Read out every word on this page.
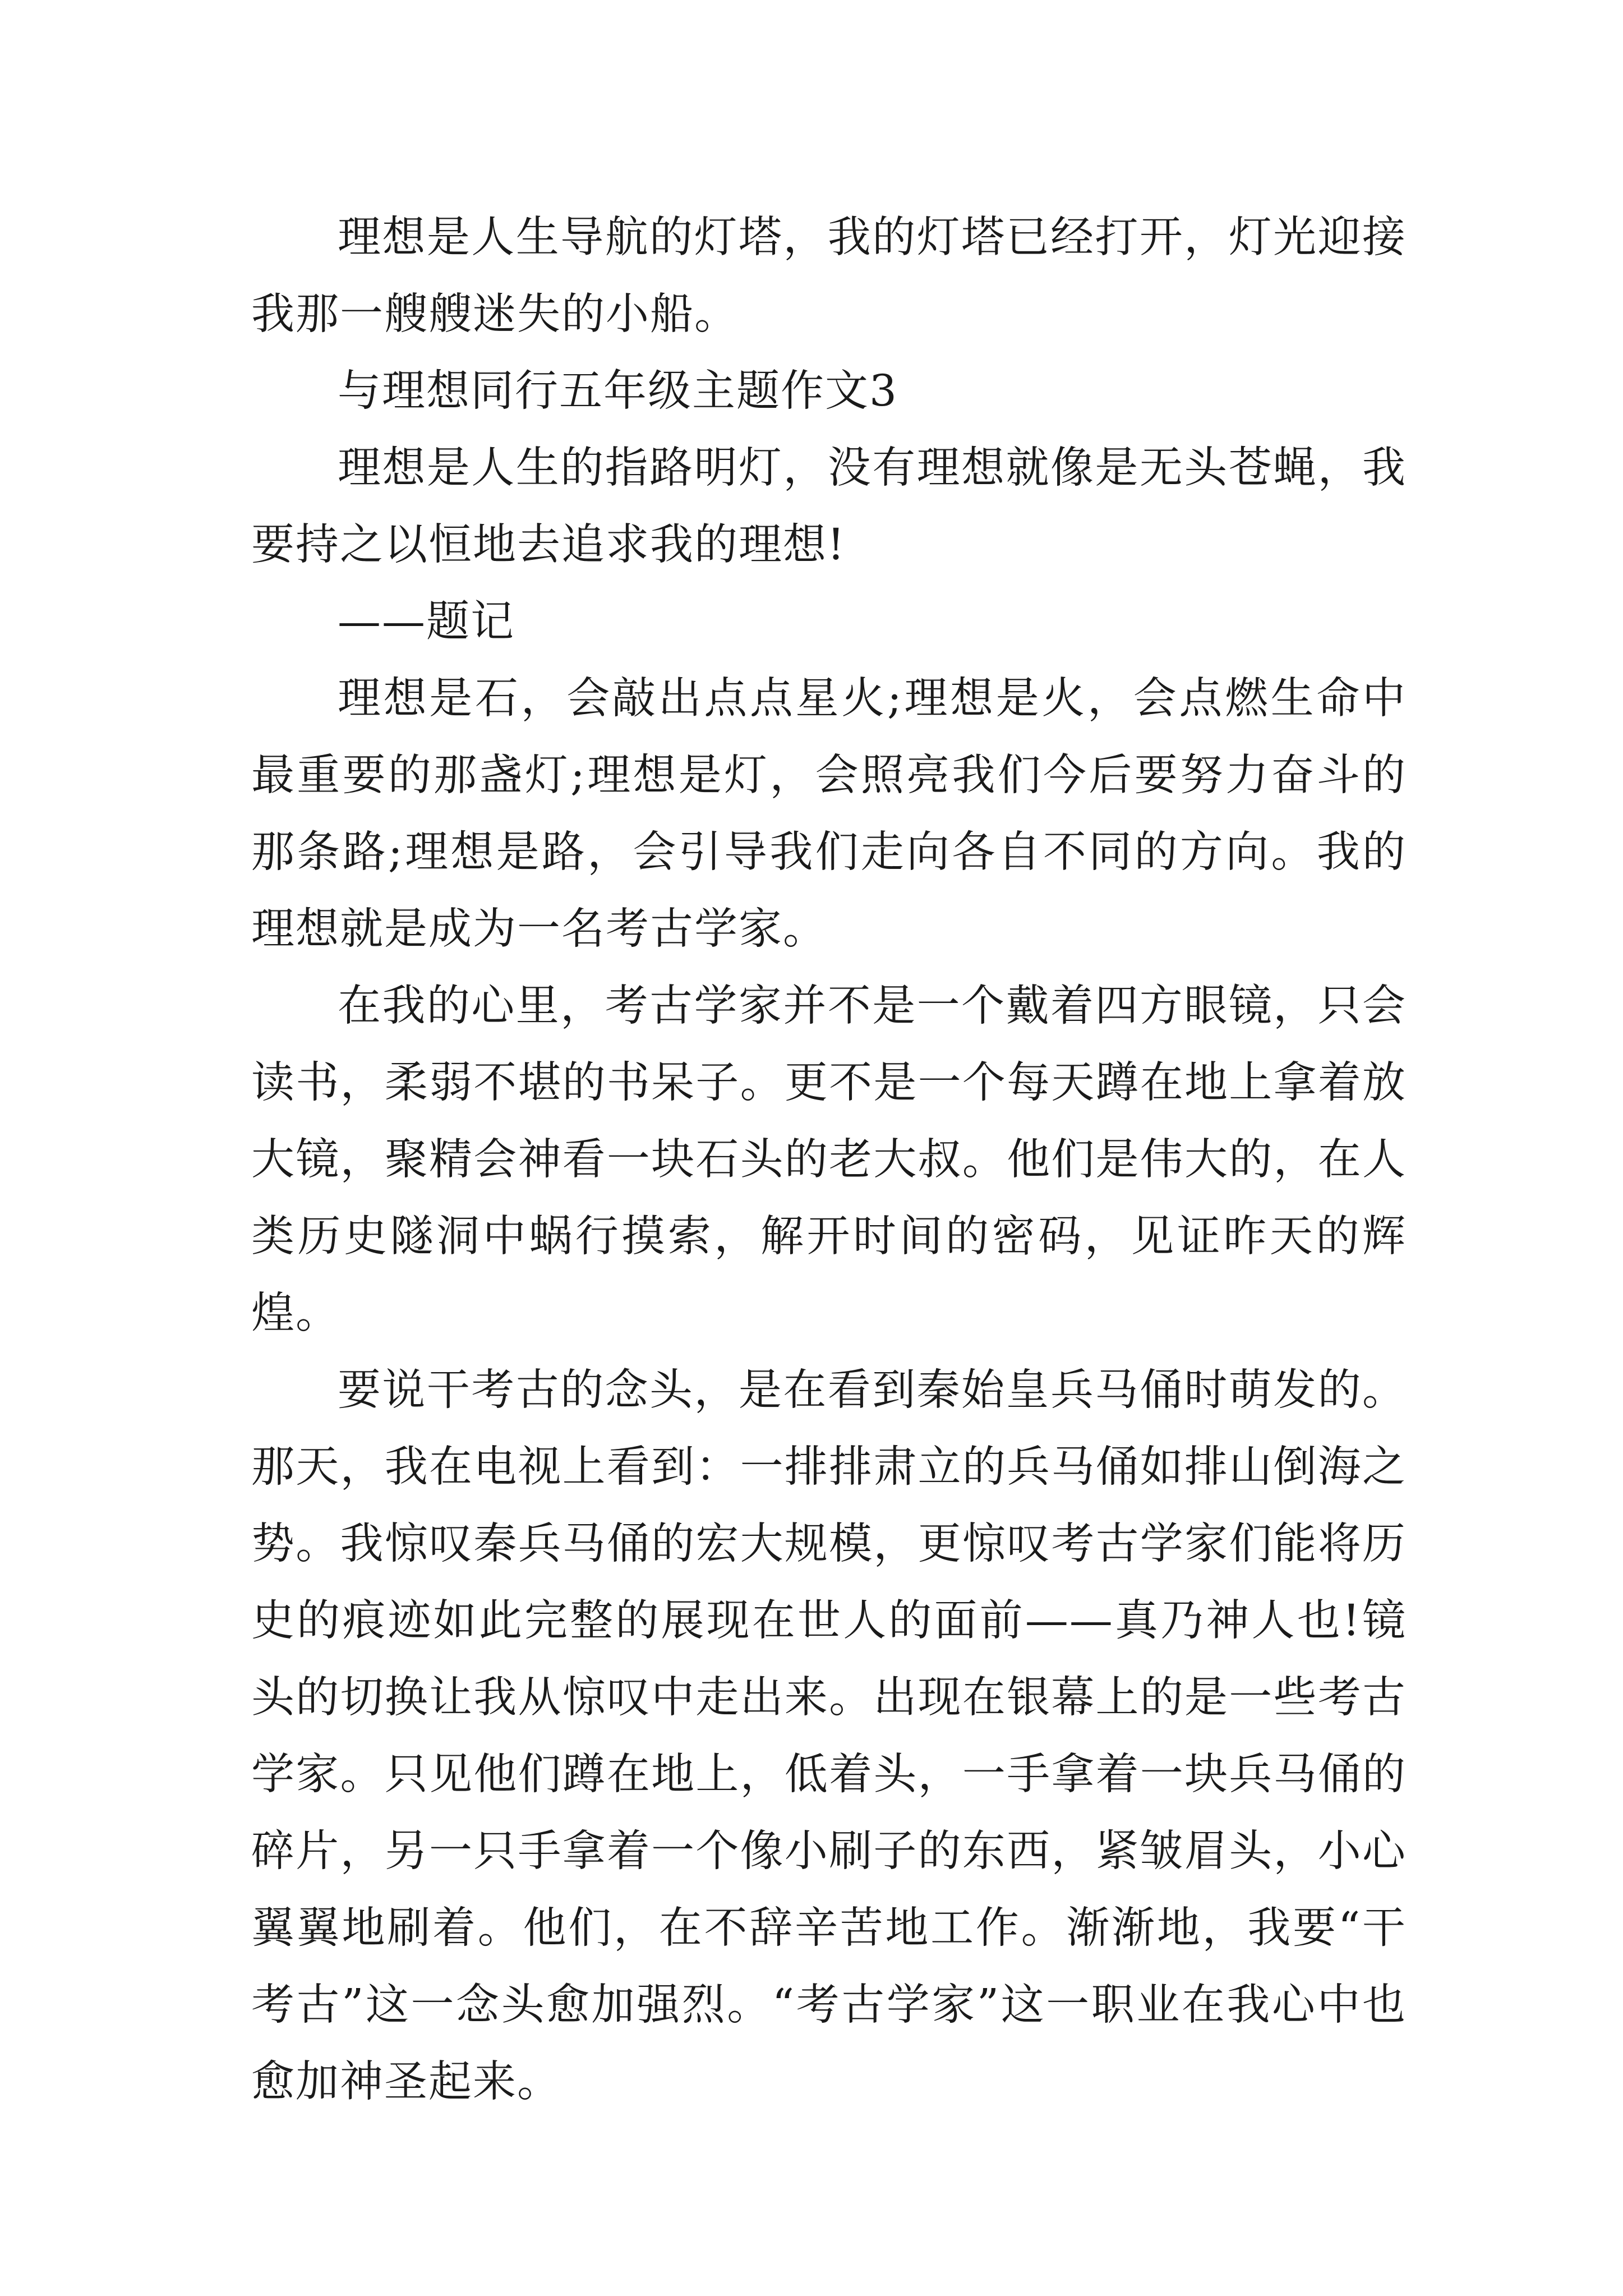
理想是人生导航的灯塔，我的灯塔已经打开，灯光迎接我那一艘艘迷失的小船。

与理想同行五年级主题作文3

理想是人生的指路明灯，没有理想就像是无头苍蝇，我要持之以恒地去追求我的理想!

——题记

理想是石，会敲出点点星火;理想是火，会点燃生命中最重要的那盏灯;理想是灯，会照亮我们今后要努力奋斗的那条路;理想是路，会引导我们走向各自不同的方向。我的理想就是成为一名考古学家。

在我的心里，考古学家并不是一个戴着四方眼镜，只会读书，柔弱不堪的书呆子。更不是一个每天蹲在地上拿着放大镜，聚精会神看一块石头的老大叔。他们是伟大的，在人类历史隧洞中蜗行摸索，解开时间的密码，见证昨天的辉煌。

要说干考古的念头，是在看到秦始皇兵马俑时萌发的。那天，我在电视上看到：一排排肃立的兵马俑如排山倒海之势。我惊叹秦兵马俑的宏大规模，更惊叹考古学家们能将历史的痕迹如此完整的展现在世人的面前——真乃神人也!镜头的切换让我从惊叹中走出来。出现在银幕上的是一些考古学家。只见他们蹲在地上，低着头，一手拿着一块兵马俑的碎片，另一只手拿着一个像小刷子的东西，紧皱眉头，小心翼翼地刷着。他们，在不辞辛苦地工作。渐渐地，我要“干考古”这一念头愈加强烈。“考古学家”这一职业在我心中也愈加神圣起来。
